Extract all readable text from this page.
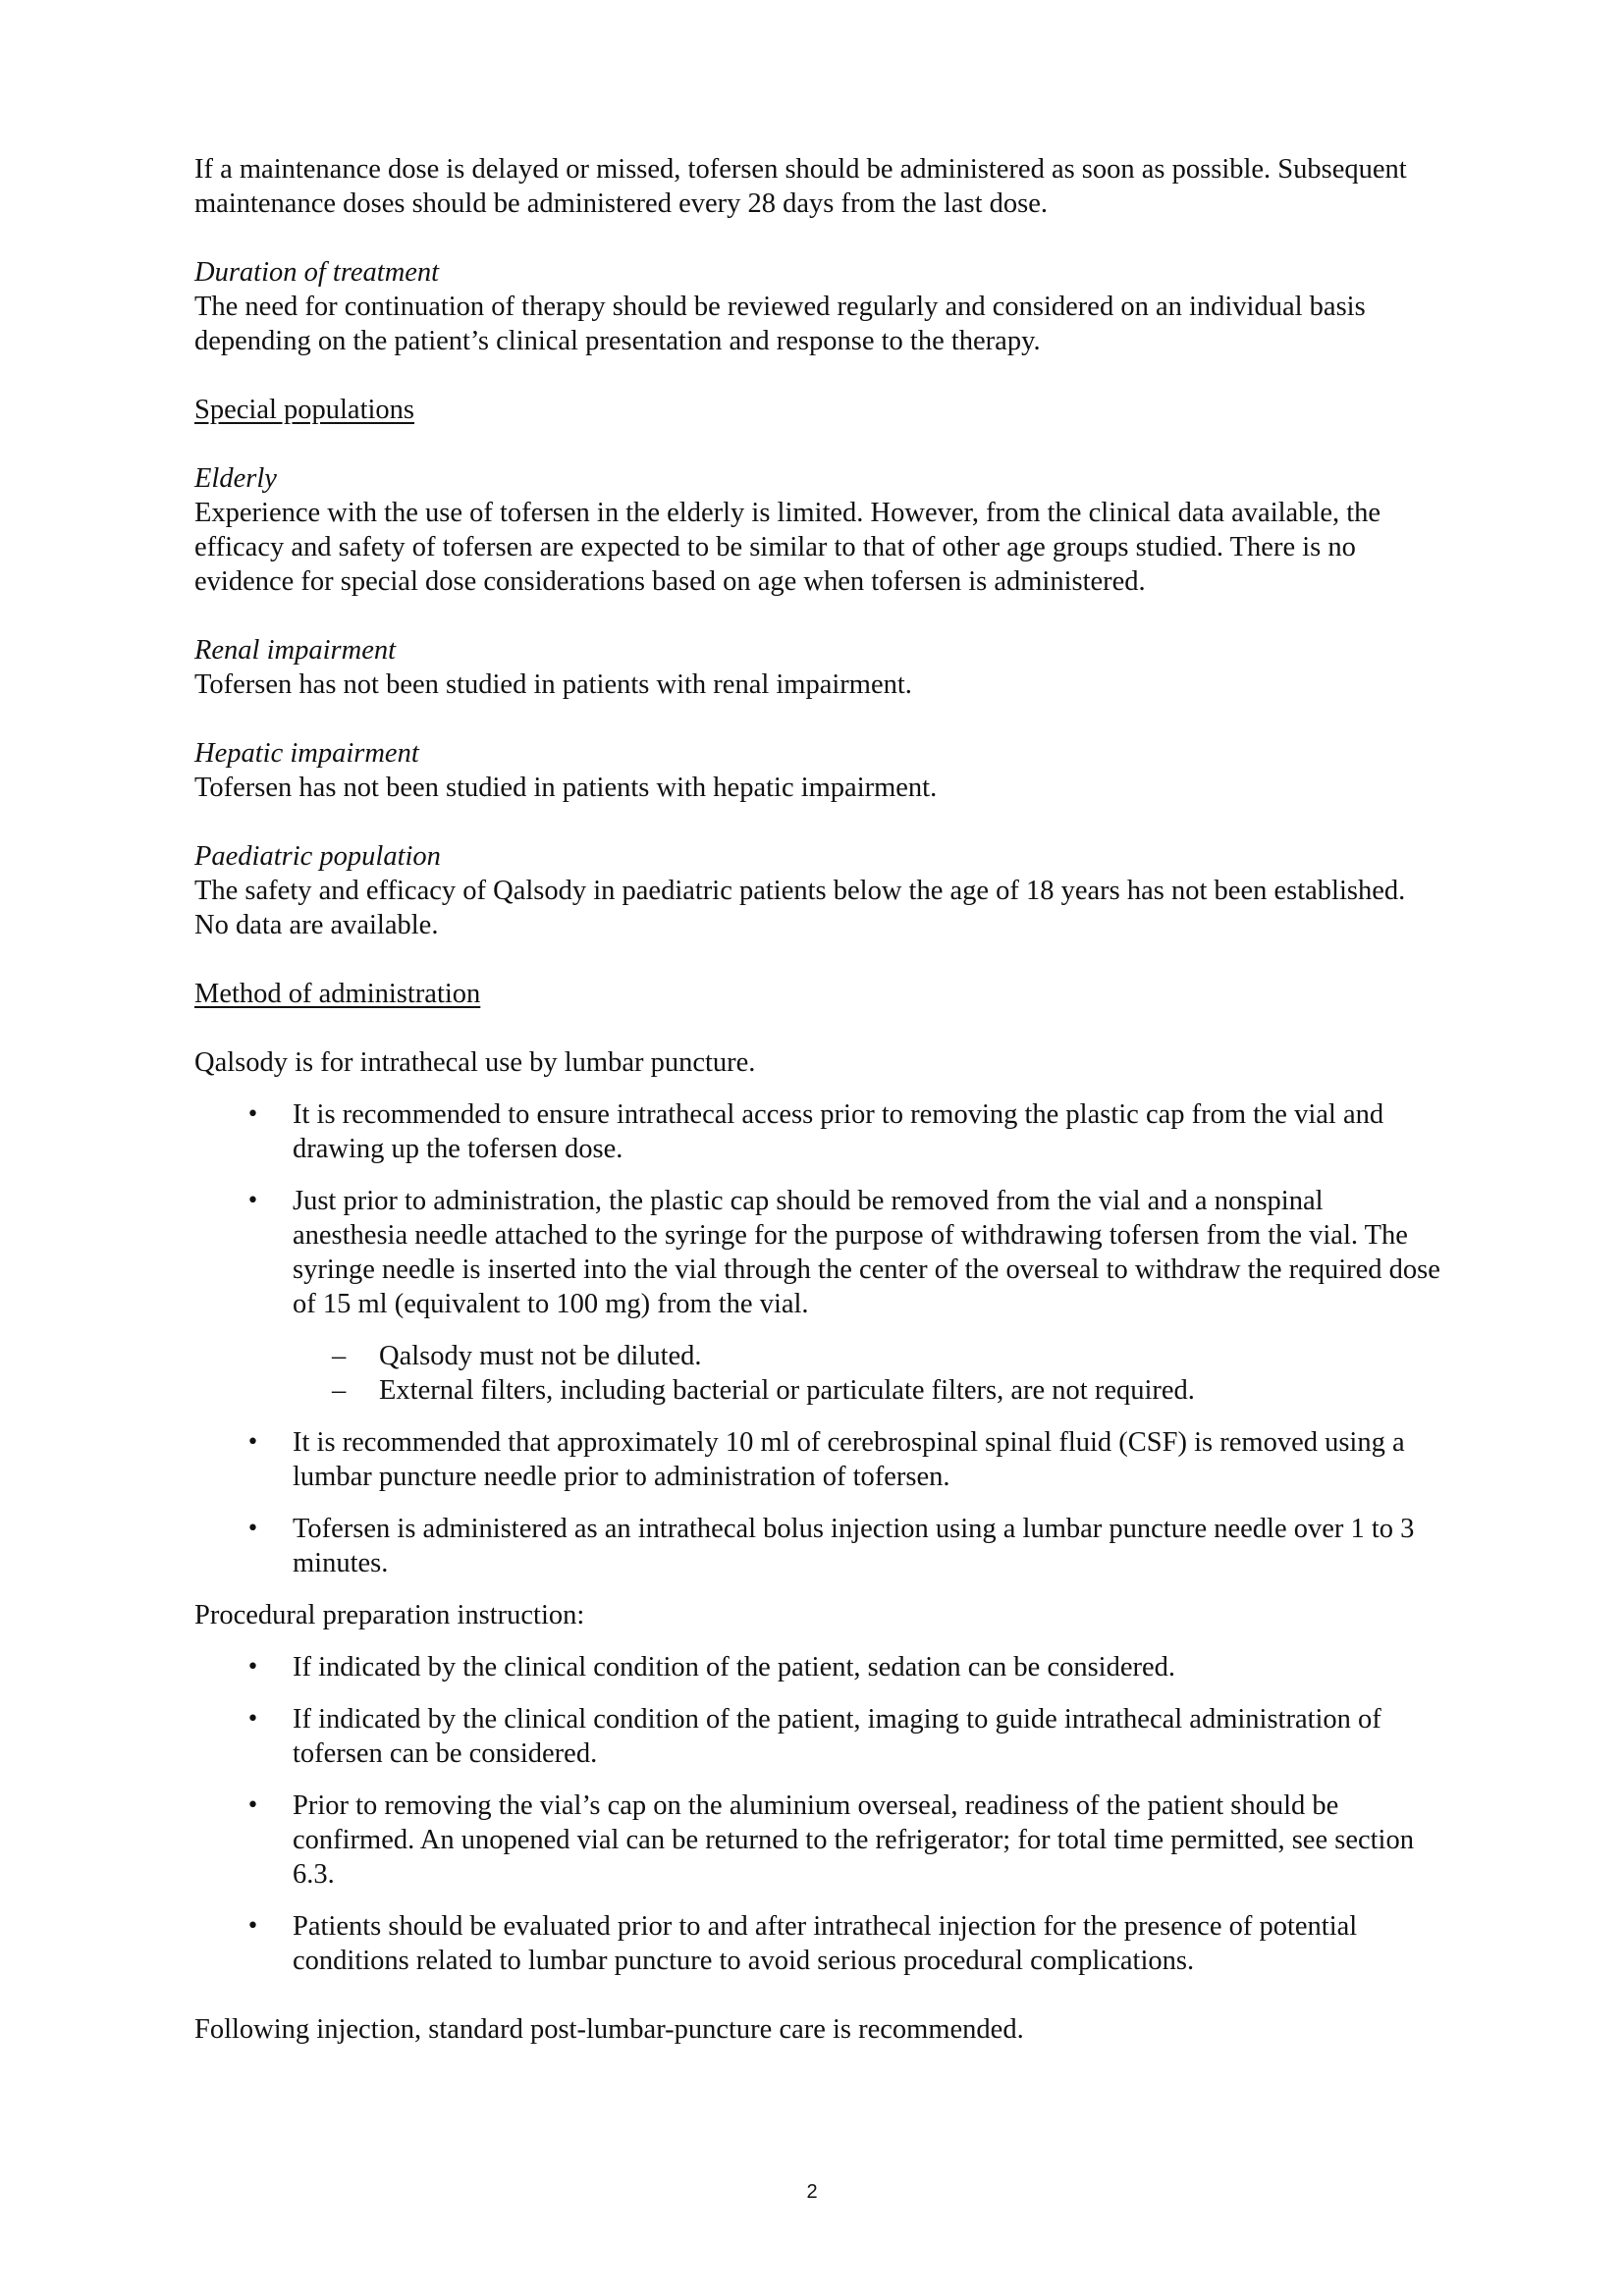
If a maintenance dose is delayed or missed, tofersen should be administered as soon as possible. Subsequent maintenance doses should be administered every 28 days from the last dose.

Duration of treatment

The need for continuation of therapy should be reviewed regularly and considered on an individual basis depending on the patient’s clinical presentation and response to the therapy.

Special populations

Elderly

Experience with the use of tofersen in the elderly is limited. However, from the clinical data available, the efficacy and safety of tofersen are expected to be similar to that of other age groups studied. There is no evidence for special dose considerations based on age when tofersen is administered.

Renal impairment

Tofersen has not been studied in patients with renal impairment.

Hepatic impairment

Tofersen has not been studied in patients with hepatic impairment.

Paediatric population

The safety and efficacy of Qalsody in paediatric patients below the age of 18 years has not been established. No data are available.

Method of administration

Qalsody is for intrathecal use by lumbar puncture.

• It is recommended to ensure intrathecal access prior to removing the plastic cap from the vial and drawing up the tofersen dose.
• Just prior to administration, the plastic cap should be removed from the vial and a nonspinal anesthesia needle attached to the syringe for the purpose of withdrawing tofersen from the vial. The syringe needle is inserted into the vial through the center of the overseal to withdraw the required dose of 15 ml (equivalent to 100 mg) from the vial.
– Qalsody must not be diluted.
– External filters, including bacterial or particulate filters, are not required.
• It is recommended that approximately 10 ml of cerebrospinal spinal fluid (CSF) is removed using a lumbar puncture needle prior to administration of tofersen.
• Tofersen is administered as an intrathecal bolus injection using a lumbar puncture needle over 1 to 3 minutes.

Procedural preparation instruction:

• If indicated by the clinical condition of the patient, sedation can be considered.
• If indicated by the clinical condition of the patient, imaging to guide intrathecal administration of tofersen can be considered.
• Prior to removing the vial’s cap on the aluminium overseal, readiness of the patient should be confirmed. An unopened vial can be returned to the refrigerator; for total time permitted, see section 6.3.
• Patients should be evaluated prior to and after intrathecal injection for the presence of potential conditions related to lumbar puncture to avoid serious procedural complications.

Following injection, standard post-lumbar-puncture care is recommended.

2
